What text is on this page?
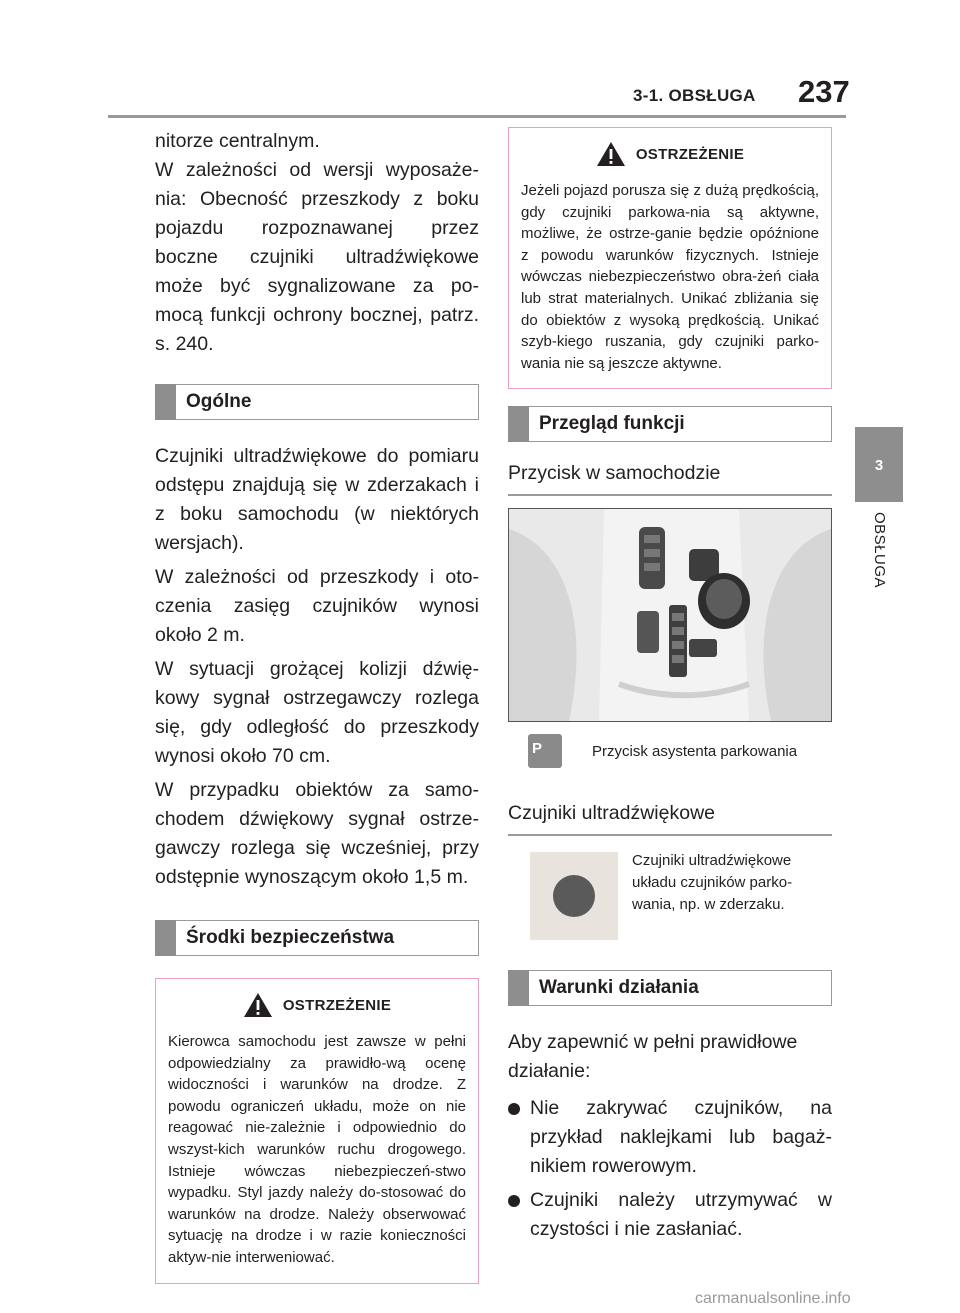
3-1. OBSŁUGA 237
3
OBSŁUGA

nitorze centralnym.
W zależności od wersji wyposaże-nia: Obecność przeszkody z boku pojazdu rozpoznawanej przez boczne czujniki ultradźwiękowe może być sygnalizowane za po-mocą funkcji ochrony bocznej, patrz. s. 240.

Ogólne

Czujniki ultradźwiękowe do pomiaru odstępu znajdują się w zderzakach i z boku samochodu (w niektórych wersjach).

W zależności od przeszkody i oto-czenia zasięg czujników wynosi około 2 m.

W sytuacji grożącej kolizji dźwię-kowy sygnał ostrzegawczy rozlega się, gdy odległość do przeszkody wynosi około 70 cm.

W przypadku obiektów za samo-chodem dźwiękowy sygnał ostrze-gawczy rozlega się wcześniej, przy odstępnie wynoszącym około 1,5 m.

Środki bezpieczeństwa
OSTRZEŻENIE

Kierowca samochodu jest zawsze w pełni odpowiedzialny za prawidło-wą ocenę widoczności i warunków na drodze. Z powodu ograniczeń układu, może on nie reagować nie-zależnie i odpowiednio do wszyst-kich warunków ruchu drogowego. Istnieje wówczas niebezpieczeń-stwo wypadku. Styl jazdy należy do-stosować do warunków na drodze. Należy obserwować sytuację na drodze i w razie konieczności aktyw-nie interweniować.

OSTRZEŻENIE

Jeżeli pojazd porusza się z dużą prędkością, gdy czujniki parkowa-nia są aktywne, możliwe, że ostrze-ganie będzie opóźnione z powodu warunków fizycznych. Istnieje wówczas niebezpieczeństwo obra-żeń ciała lub strat materialnych. Unikać zbliżania się do obiektów z wysoką prędkością. Unikać szyb-kiego ruszania, gdy czujniki parko-wania nie są jeszcze aktywne.

Przegląd funkcji
Przycisk w samochodzie
P	Przycisk asystenta parkowania
Czujniki ultradźwiękowe
Czujniki ultradźwiękowe układu czujników parko-wania, np. w zderzaku.
Warunki działania

Aby zapewnić w pełni prawidłowe działanie:

Nie zakrywać czujników, na przykład naklejkami lub bagaż-nikiem rowerowym.
Czujniki należy utrzymywać w czystości i nie zasłaniać.
carmanualsonline.info
